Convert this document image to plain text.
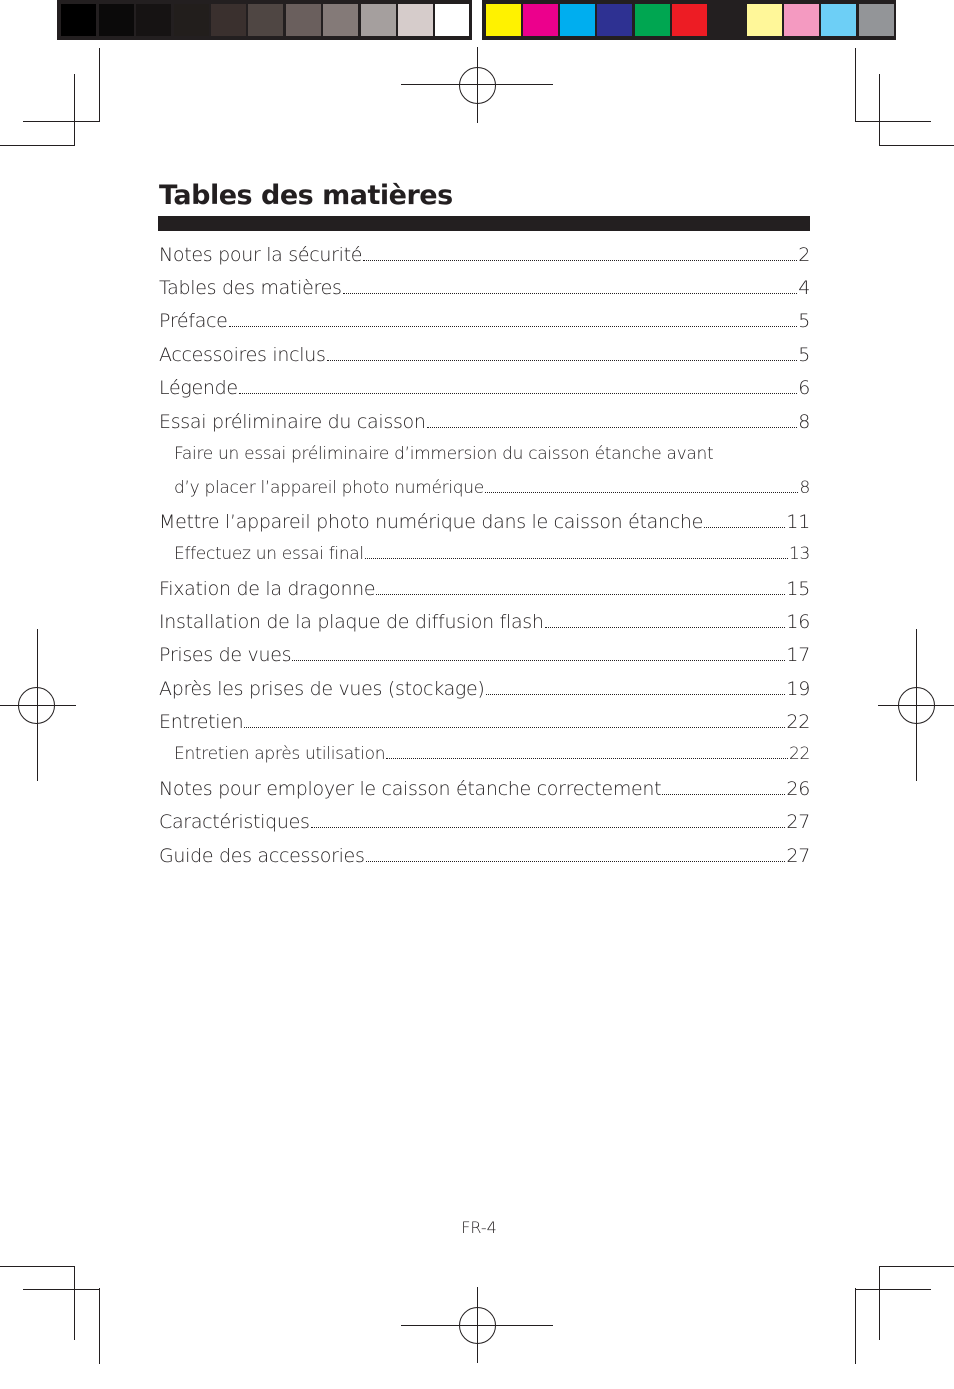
Tables des matières
Notes pour la sécurité	2
Tables des matières	4
Préface	5
Accessoires inclus	5
Légende	6
Essai préliminaire du caisson	8
Faire un essai préliminaire d’immersion du caisson étanche avant
d’y placer l’appareil photo numérique	8
Mettre l’appareil photo numérique dans le caisson étanche	11
Effectuez un essai final	13
Fixation de la dragonne	15
Installation de la plaque de diffusion flash	16
Prises de vues	17
Après les prises de vues (stockage)	19
Entretien	22
Entretien après utilisation	22
Notes pour employer le caisson étanche correctement	26
Caractéristiques	27
Guide des accessories	27
FR-4
